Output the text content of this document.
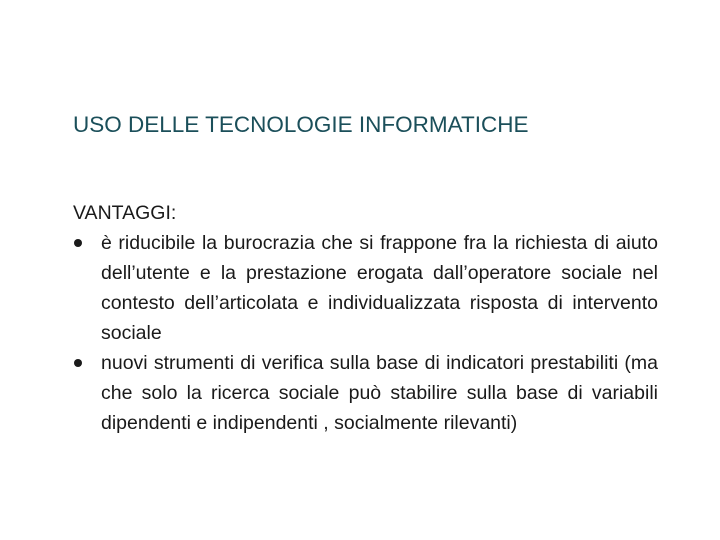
USO DELLE TECNOLOGIE INFORMATICHE

VANTAGGI:

è riducibile la burocrazia che si frappone fra la richiesta di aiuto dell’utente e la prestazione erogata dall’operatore sociale nel contesto dell’articolata e individualizzata risposta di intervento sociale
nuovi strumenti di verifica sulla base di indicatori prestabiliti (ma che solo la ricerca sociale può stabilire sulla base di variabili dipendenti e indipendenti , socialmente rilevanti)
